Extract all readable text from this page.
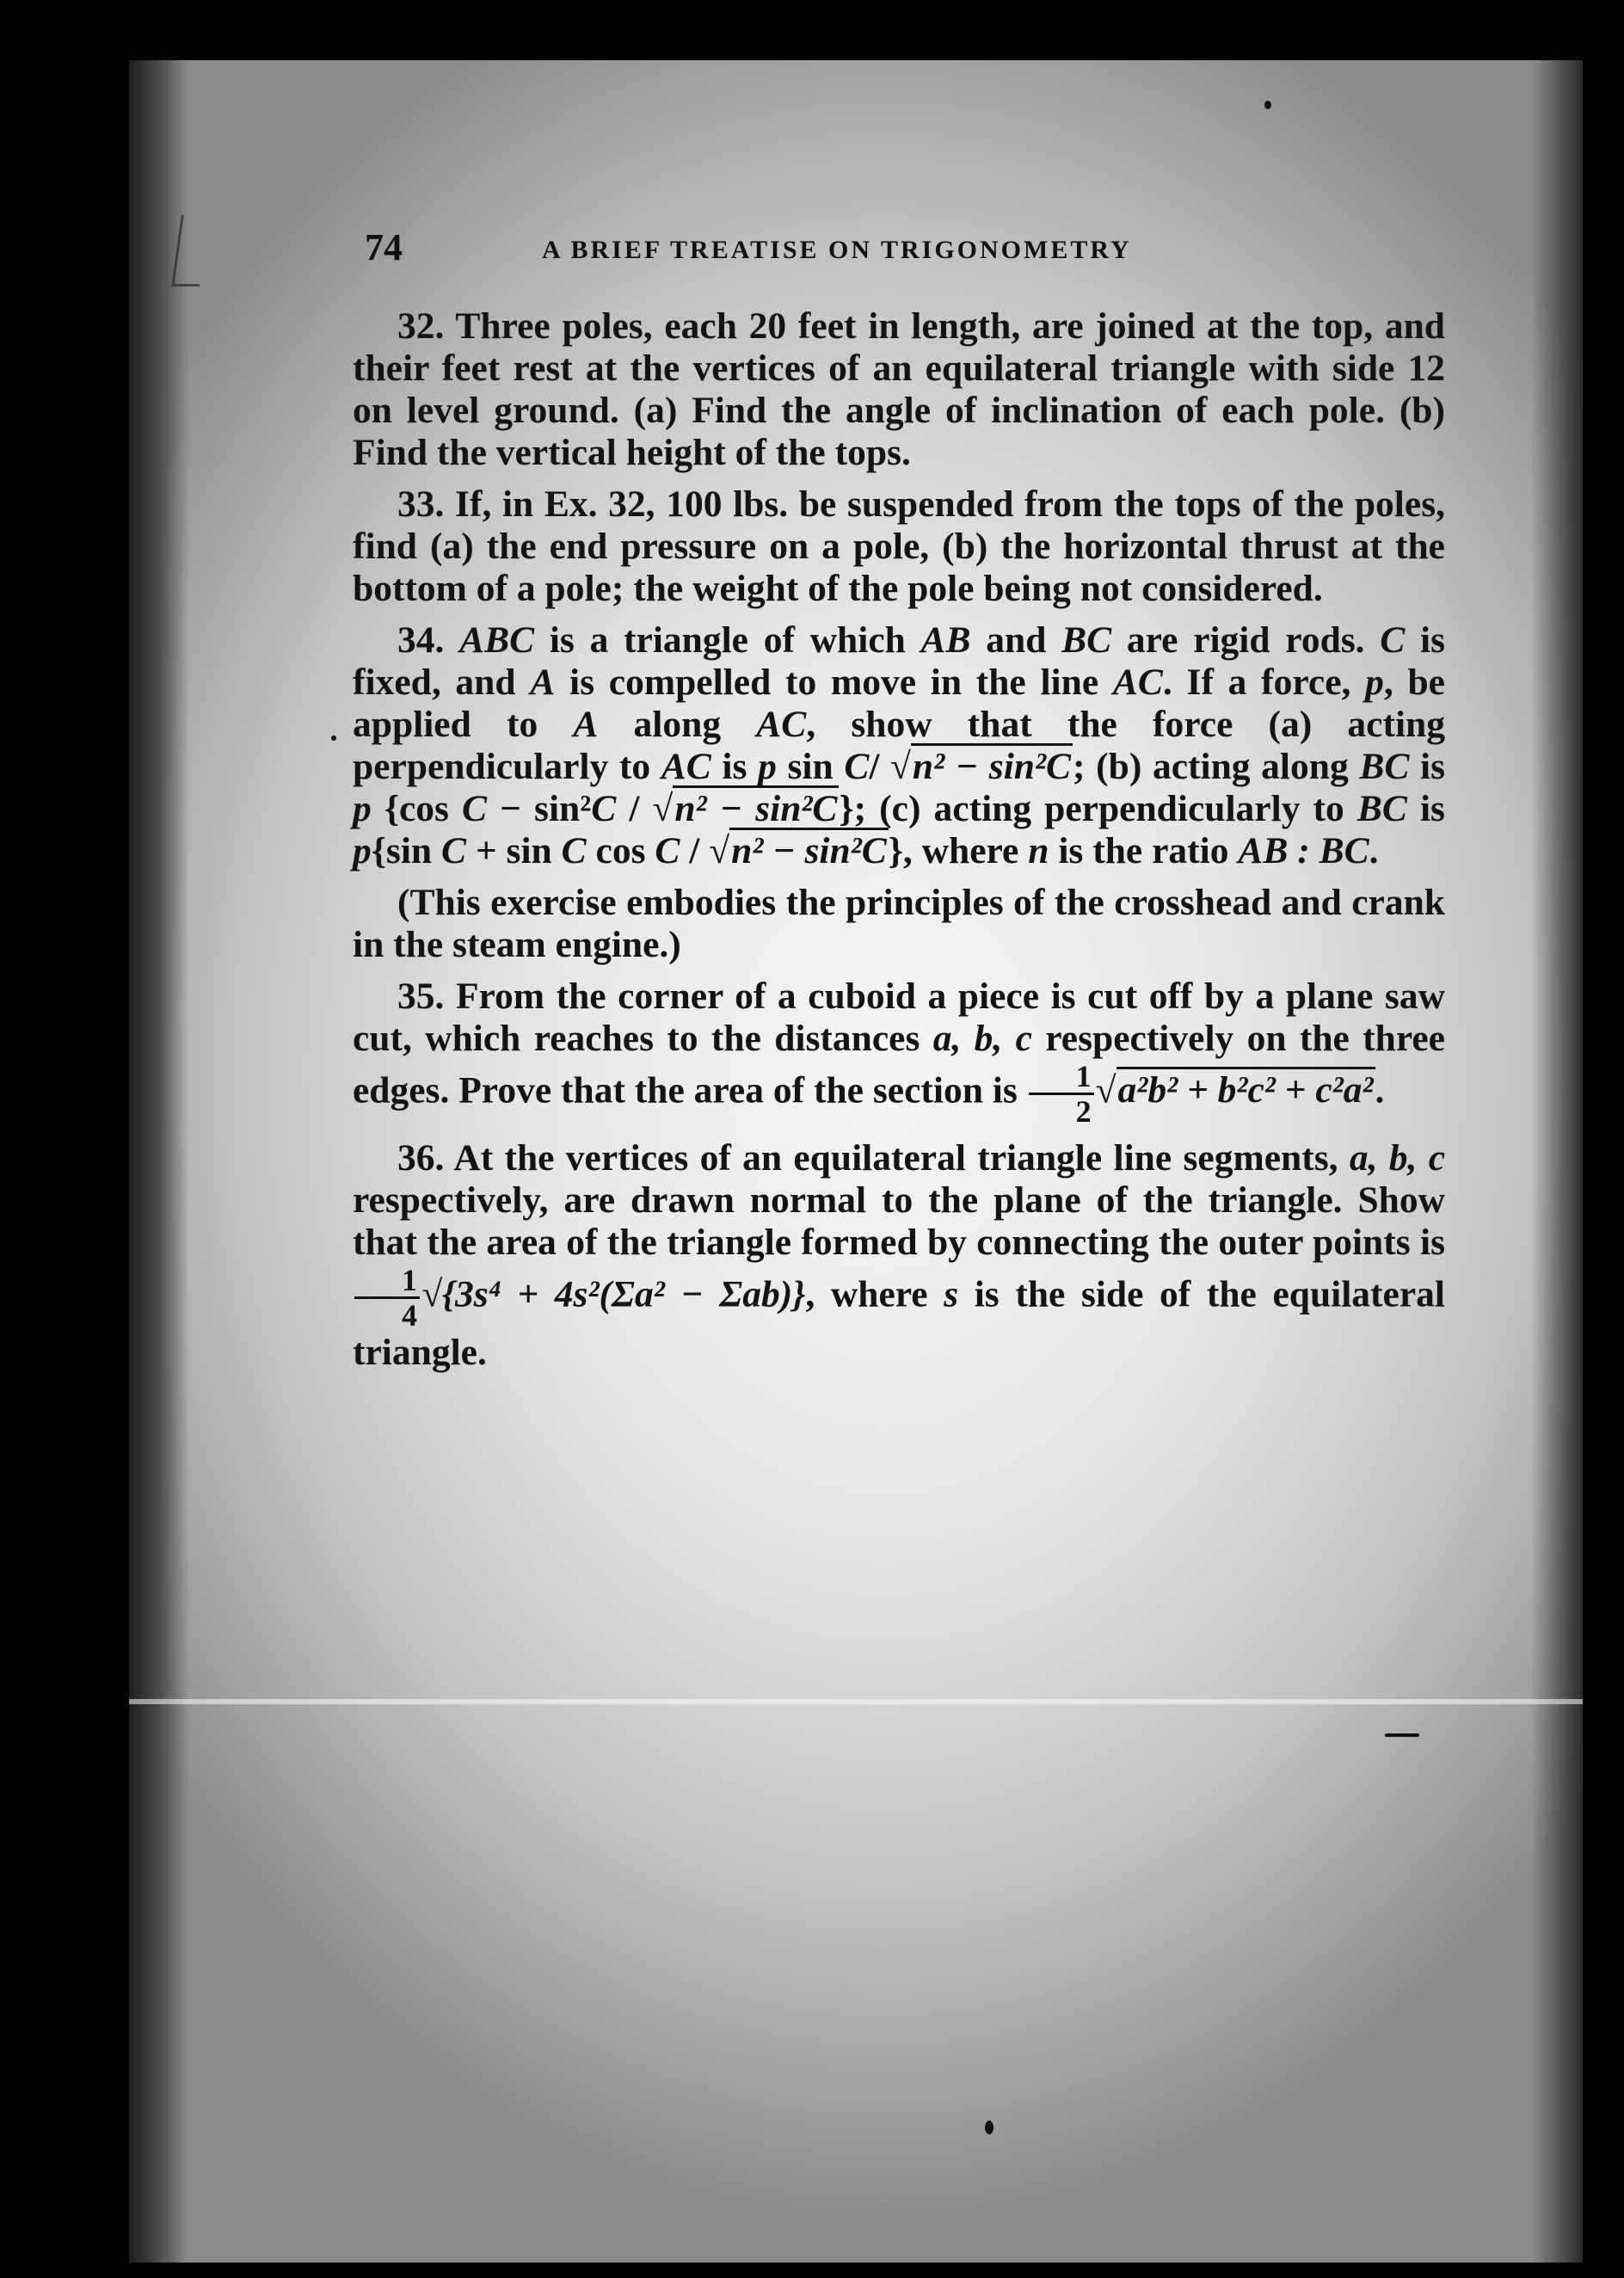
74	A BRIEF TREATISE ON TRIGONOMETRY

32. Three poles, each 20 feet in length, are joined at the top, and their feet rest at the vertices of an equilateral triangle with side 12 on level ground. (a) Find the angle of inclination of each pole. (b) Find the vertical height of the tops.

33. If, in Ex. 32, 100 lbs. be suspended from the tops of the poles, find (a) the end pressure on a pole, (b) the horizontal thrust at the bottom of a pole; the weight of the pole being not considered.

34. ABC is a triangle of which AB and BC are rigid rods. C is fixed, and A is compelled to move in the line AC. If a force, p, be applied to A along AC, show that the force (a) acting perpendicularly to AC is p sin C/ √n² − sin²C; (b) acting along BC is p {cos C − sin²C / √n² − sin²C}; (c) acting perpendicularly to BC is p{sin C + sin C cos C / √n² − sin²C}, where n is the ratio AB : BC.

(This exercise embodies the principles of the crosshead and crank in the steam engine.)

35. From the corner of a cuboid a piece is cut off by a plane saw cut, which reaches to the distances a, b, c respectively on the three edges. Prove that the area of the section is $\frac{1}{2} √a^2b^2 + b^2c^2 + c^2a^2$.

36. At the vertices of an equilateral triangle line segments, a, b, c respectively, are drawn normal to the plane of the triangle. Show that the area of the triangle formed by connecting the outer points is
$\frac{1}{4} √\{3s^4 + 4s^2(\Sigma a^2 - \Sigma ab)\}$, where s is the side of the equilateral triangle.
